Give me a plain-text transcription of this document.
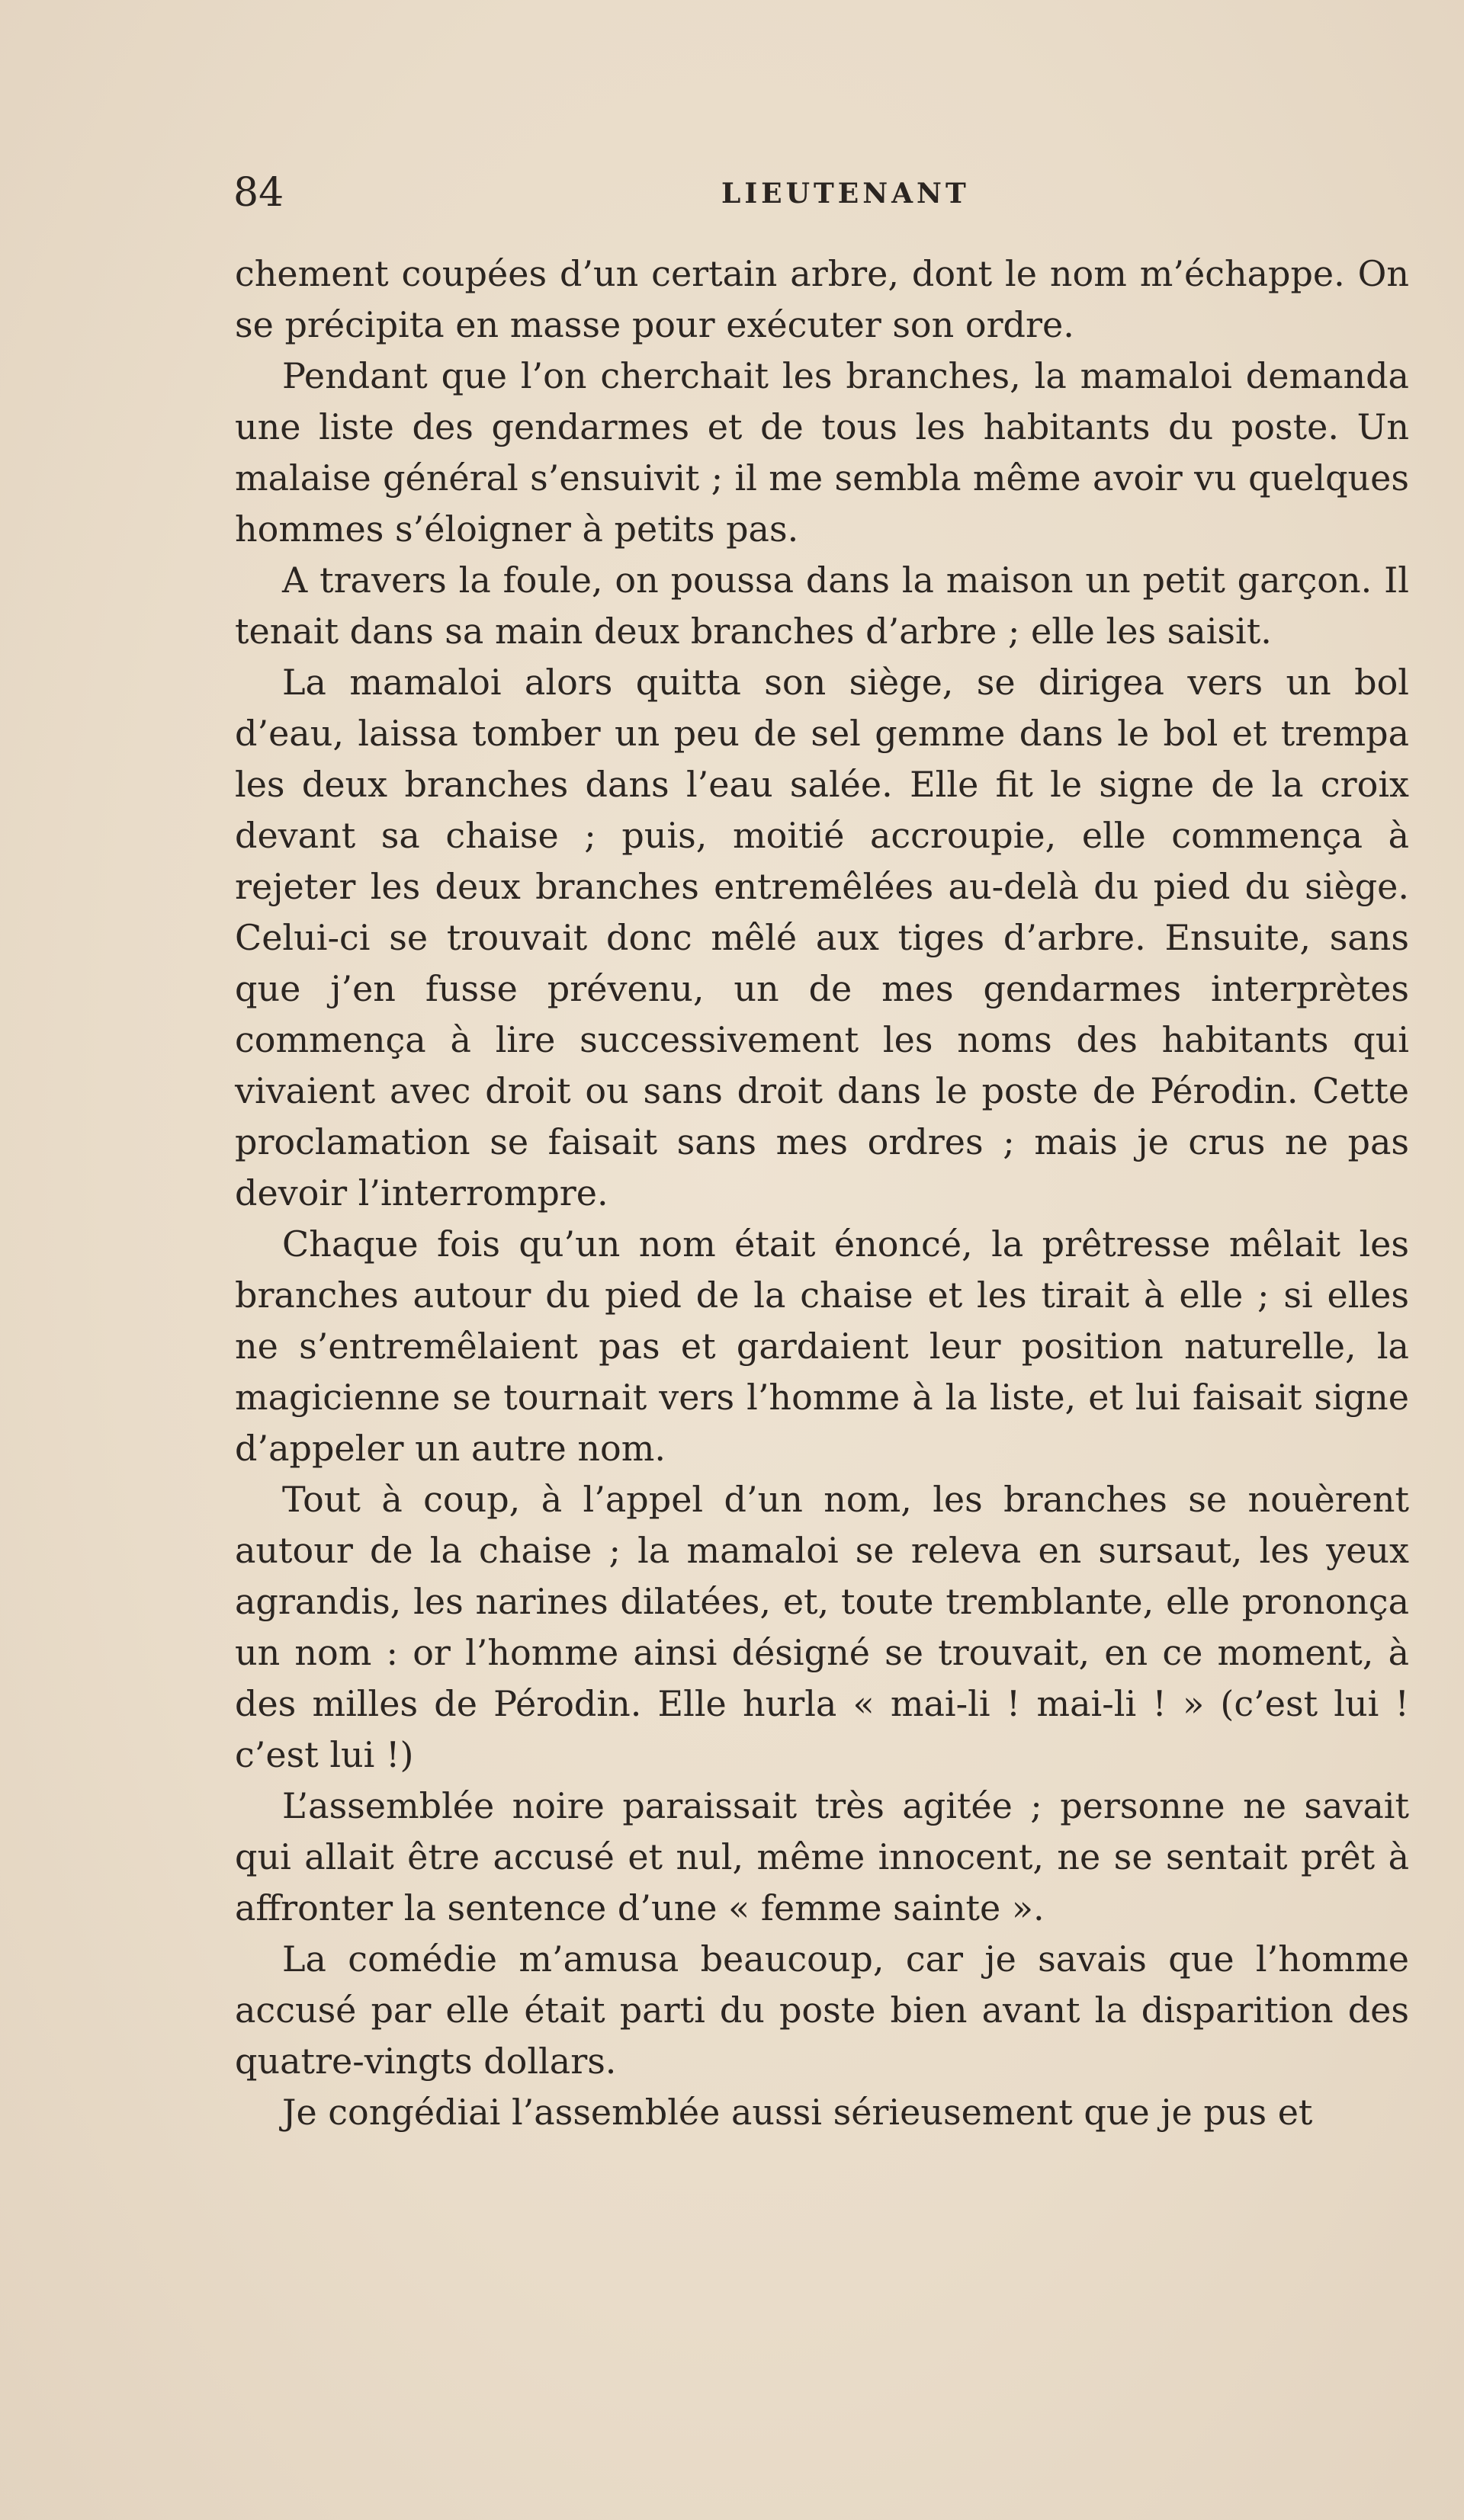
84	LIEUTENANT

chement coupées d’un certain arbre, dont le nom m’échappe. On se précipita en masse pour exécuter son ordre.

Pendant que l’on cherchait les branches, la mamaloi demanda une liste des gendarmes et de tous les habitants du poste. Un malaise général s’ensuivit ; il me sembla même avoir vu quelques hommes s’éloigner à petits pas.

A travers la foule, on poussa dans la maison un petit garçon. Il tenait dans sa main deux branches d’arbre ; elle les saisit.

La mamaloi alors quitta son siège, se dirigea vers un bol d’eau, laissa tomber un peu de sel gemme dans le bol et trempa les deux branches dans l’eau salée. Elle fit le signe de la croix devant sa chaise ; puis, moitié accroupie, elle commença à rejeter les deux branches entremêlées au-delà du pied du siège. Celui-ci se trouvait donc mêlé aux tiges d’arbre. Ensuite, sans que j’en fusse prévenu, un de mes gendarmes interprètes commença à lire successivement les noms des habitants qui vivaient avec droit ou sans droit dans le poste de Pérodin. Cette proclamation se faisait sans mes ordres ; mais je crus ne pas devoir l’interrompre.

Chaque fois qu’un nom était énoncé, la prêtresse mêlait les branches autour du pied de la chaise et les tirait à elle ; si elles ne s’entremêlaient pas et gardaient leur position naturelle, la magicienne se tournait vers l’homme à la liste, et lui faisait signe d’appeler un autre nom.

Tout à coup, à l’appel d’un nom, les branches se nouèrent autour de la chaise ; la mamaloi se releva en sursaut, les yeux agrandis, les narines dilatées, et, toute tremblante, elle prononça un nom : or l’homme ainsi désigné se trouvait, en ce moment, à des milles de Pérodin. Elle hurla « mai-li ! mai-li ! » (c’est lui ! c’est lui !)

L’assemblée noire paraissait très agitée ; personne ne savait qui allait être accusé et nul, même innocent, ne se sentait prêt à affronter la sentence d’une « femme sainte ».

La comédie m’amusa beaucoup, car je savais que l’homme accusé par elle était parti du poste bien avant la disparition des quatre-vingts dollars.

Je congédiai l’assemblée aussi sérieusement que je pus et
